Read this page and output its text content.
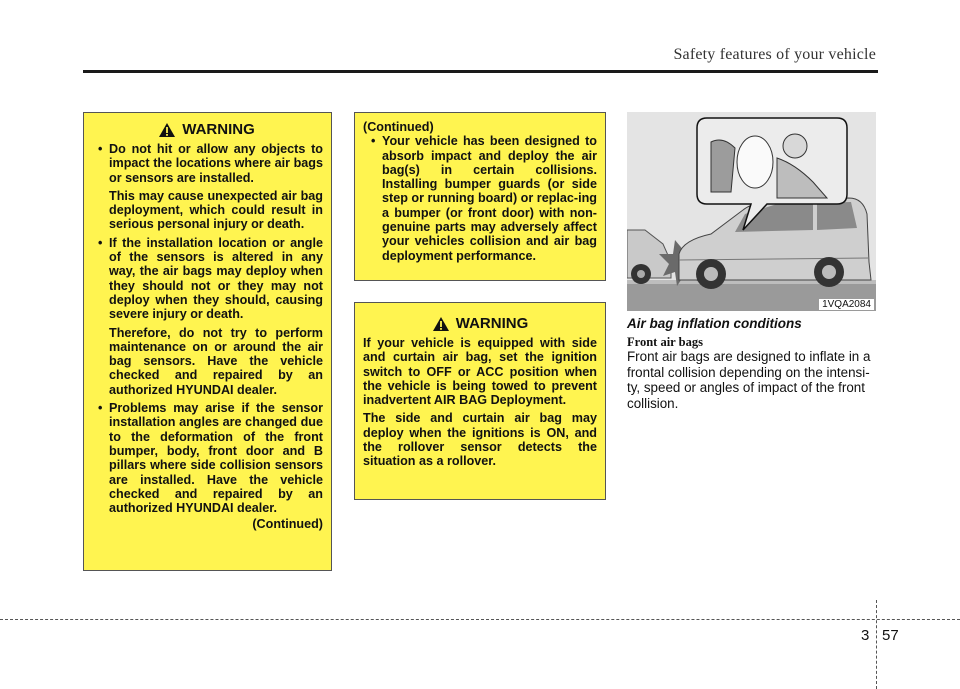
Safety features of your vehicle
WARNING
• Do not hit or allow any objects to impact the locations where air bags or sensors are installed.
This may cause unexpected air bag deployment, which could result in serious personal injury or death.
• If the installation location or angle of the sensors is altered in any way, the air bags may deploy when they should not or they may not deploy when they should, causing severe injury or death.
Therefore, do not try to perform maintenance on or around the air bag sensors. Have the vehicle checked and repaired by an authorized HYUNDAI dealer.
• Problems may arise if the sensor installation angles are changed due to the deformation of the front bumper, body, front door and B pillars where side collision sensors are installed. Have the vehicle checked and repaired by an authorized HYUNDAI dealer.
(Continued)
(Continued)
• Your vehicle has been designed to absorb impact and deploy the air bag(s) in certain collisions. Installing bumper guards (or side step or running board) or replac-ing a bumper (or front door) with non-genuine parts may adversely affect your vehicles collision and air bag deployment performance.
WARNING
If your vehicle is equipped with side and curtain air bag, set the ignition switch to OFF or ACC position when the vehicle is being towed to prevent inadvertent AIR BAG Deployment.
The side and curtain air bag may deploy when the ignitions is ON, and the rollover sensor detects the situation as a rollover.
1VQA2084
Air bag inflation conditions
Front air bags
Front air bags are designed to inflate in a frontal collision depending on the intensi-ty, speed or angles of impact of the front collision.
3 57
